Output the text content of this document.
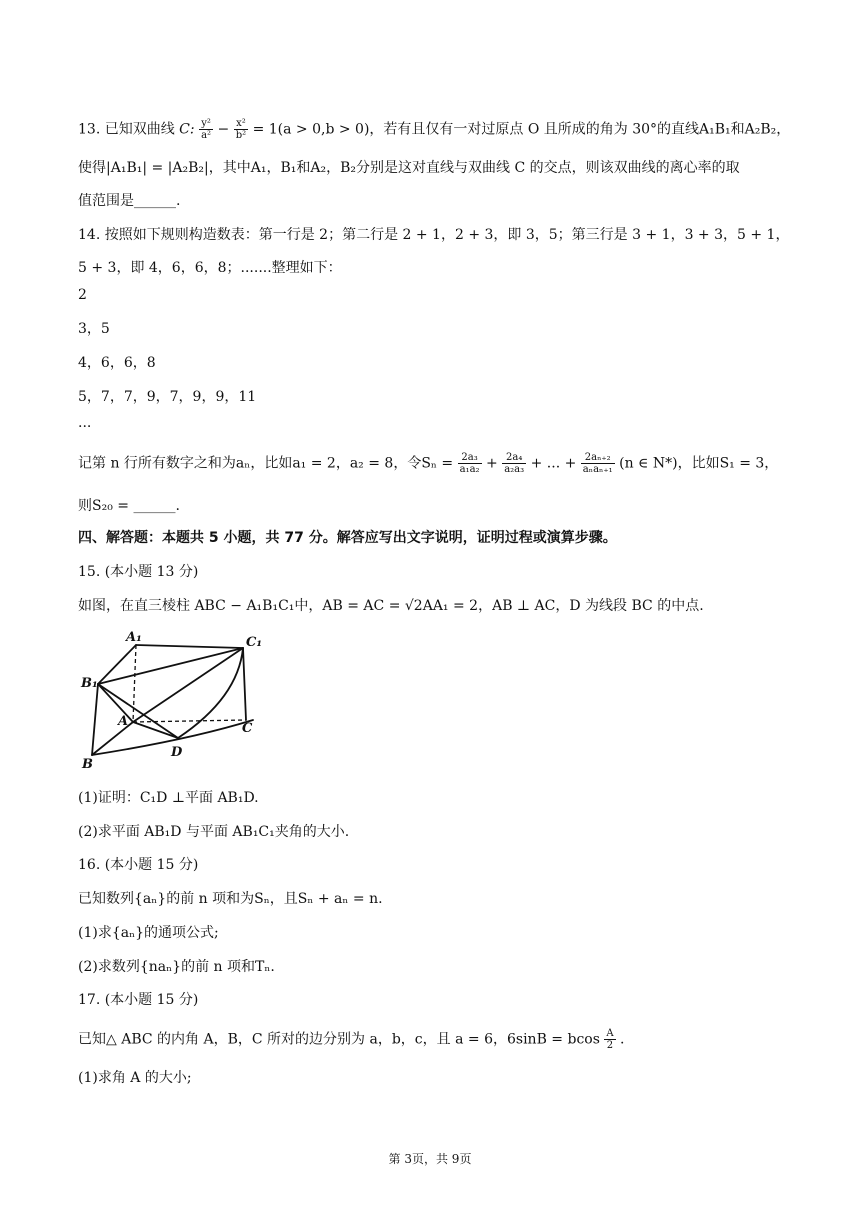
13. 已知双曲线 C: $\frac{\text{y²}}{\text{a²}} - \frac{\text{x²}}{\text{b²}} = 1(a > 0,b > 0)$，若有且仅有一对过原点 O 且所成的角为 30°的直线A₁B₁和A₂B₂，
使得|A₁B₁| = |A₂B₂|，其中A₁，B₁和A₂，B₂分别是这对直线与双曲线 C 的交点，则该双曲线的离心率的取
值范围是______.
14. 按照如下规则构造数表：第一行是 2；第二行是 2 + 1，2 + 3，即 3，5；第三行是 3 + 1，3 + 3，5 + 1，
5 + 3，即 4，6，6，8；.......整理如下：
2
3，5
4，6，6，8
5，7，7，9，7，9，9，11
...
记第 n 行所有数字之和为aₙ，比如a₁ = 2，a₂ = 8，令$S_n = \frac{\text{2a₃}}{\text{a₁a₂}} + \frac{\text{2a₄}}{\text{a₂a₃}}$ + ... + $\frac{\text{2aₙ₊₂}}{\text{aₙaₙ₊₁}} (n$ ∈ N*)，比如S₁ = 3，
则S₂₀ = ______.
四、解答题：本题共 5 小题，共 77 分。解答应写出文字说明，证明过程或演算步骤。
15. (本小题 13 分)
如图，在直三棱柱 ABC − A₁B₁C₁中，AB = AC = √2AA₁ = 2，AB ⊥ AC，D 为线段 BC 的中点.
A₁	C₁
B₁
A	C
D
B
(1)证明：C₁D ⊥平面 AB₁D.
(2)求平面 AB₁D 与平面 AB₁C₁夹角的大小.
16. (本小题 15 分)
已知数列{aₙ}的前 n 项和为Sₙ，且Sₙ + aₙ = n.
(1)求{aₙ}的通项公式;
(2)求数列{naₙ}的前 n 项和Tₙ.
17. (本小题 15 分)
已知△ ABC 的内角 A，B，C 所对的边分别为 a，b，c，且 a = 6，6sinB = bcos $\frac{A}{2}$ .
(1)求角 A 的大小;
第 3页，共 9页
